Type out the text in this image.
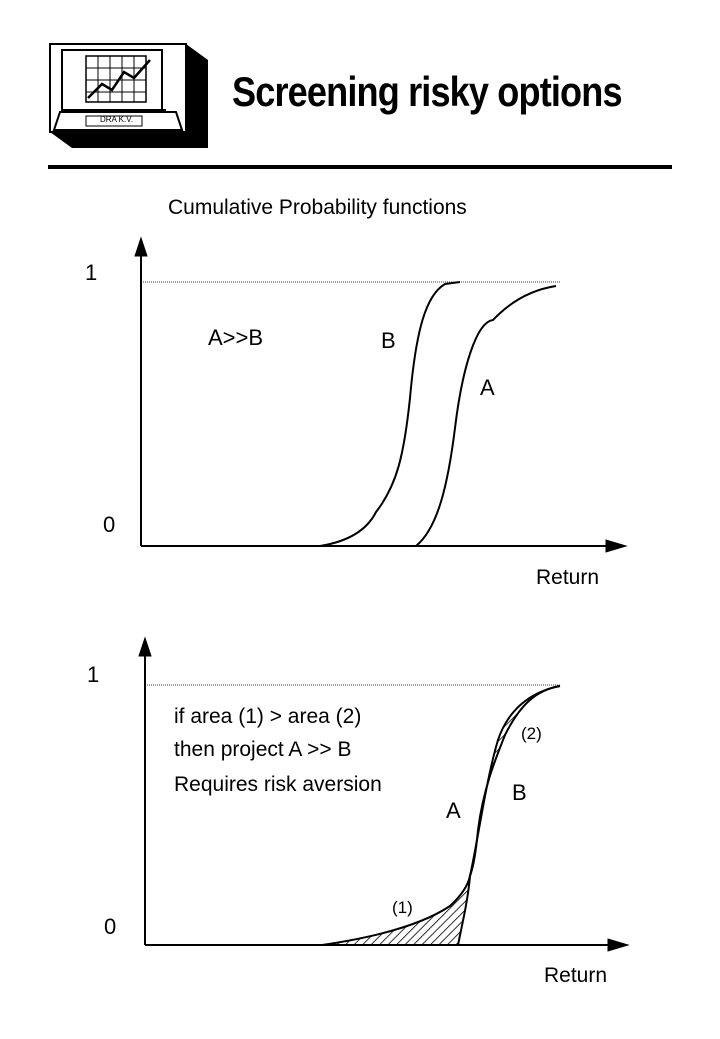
DRA K.V.
Screening risky options
Cumulative Probability functions
1
0
Return
A>>B	B
A
1
0
Return
if area (1) > area (2)
then project A >> B
Requires risk aversion
A
B
(1)
(2)
